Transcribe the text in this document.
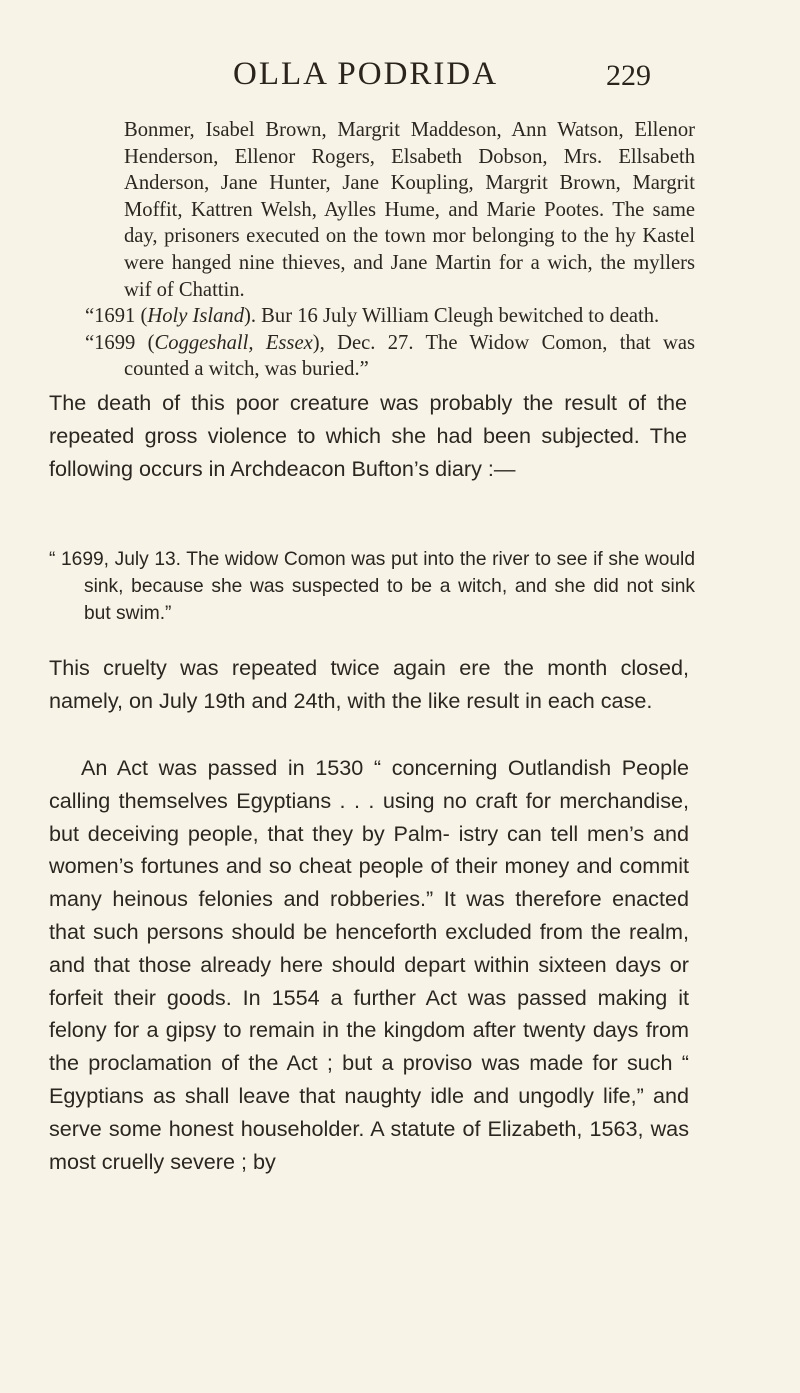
OLLA PODRIDA	229

Bonmer, Isabel Brown, Margrit Maddeson, Ann Watson, Ellenor Henderson, Ellenor Rogers, Elsabeth Dobson, Mrs. Ellsabeth Anderson, Jane Hunter, Jane Koupling, Margrit Brown, Margrit Moffit, Kattren Welsh, Aylles Hume, and Marie Pootes. The same day, prisoners executed on the town mor belonging to the hy Kastel were hanged nine thieves, and Jane Martin for a wich, the myllers wif of Chattin.

“1691 (Holy Island). Bur 16 July William Cleugh bewitched to death.

“1699 (Coggeshall, Essex), Dec. 27. The Widow Comon, that was counted a witch, was buried.”

The death of this poor creature was probably the result of the repeated gross violence to which she had been subjected. The following occurs in Archdeacon Bufton’s diary :—

“ 1699, July 13. The widow Comon was put into the river to see if she would sink, because she was suspected to be a witch, and she did not sink but swim.”

This cruelty was repeated twice again ere the month closed, namely, on July 19th and 24th, with the like result in each case.

An Act was passed in 1530 “ concerning Outlandish People calling themselves Egyptians . . . using no craft for merchandise, but deceiving people, that they by Palm- istry can tell men’s and women’s fortunes and so cheat people of their money and commit many heinous felonies and robberies.” It was therefore enacted that such persons should be henceforth excluded from the realm, and that those already here should depart within sixteen days or forfeit their goods. In 1554 a further Act was passed making it felony for a gipsy to remain in the kingdom after twenty days from the proclamation of the Act ; but a proviso was made for such “ Egyptians as shall leave that naughty idle and ungodly life,” and serve some honest householder. A statute of Elizabeth, 1563, was most cruelly severe ; by
